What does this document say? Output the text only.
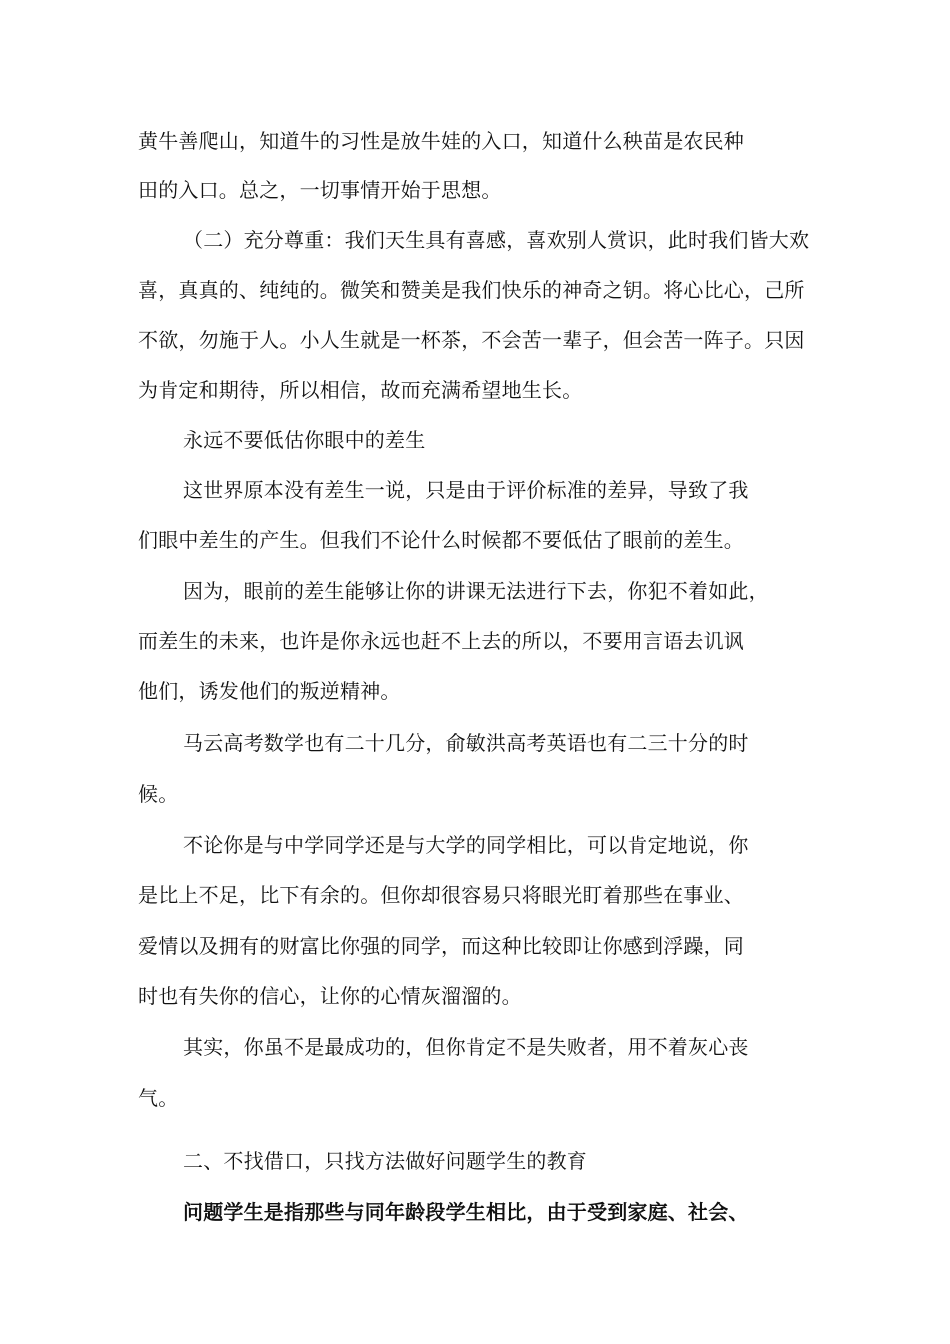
黄牛善爬山，知道牛的习性是放牛娃的入口，知道什么秧苗是农民种
田的入口。总之，一切事情开始于思想。
（二）充分尊重：我们天生具有喜感，喜欢别人赏识，此时我们皆大欢
喜，真真的、纯纯的。微笑和赞美是我们快乐的神奇之钥。将心比心，己所
不欲，勿施于人。小人生就是一杯茶，不会苦一辈子，但会苦一阵子。只因
为肯定和期待，所以相信，故而充满希望地生长。
永远不要低估你眼中的差生
这世界原本没有差生一说，只是由于评价标准的差异，导致了我
们眼中差生的产生。但我们不论什么时候都不要低估了眼前的差生。
因为，眼前的差生能够让你的讲课无法进行下去，你犯不着如此，
而差生的未来，也许是你永远也赶不上去的所以，不要用言语去讥讽
他们，诱发他们的叛逆精神。
马云高考数学也有二十几分，俞敏洪高考英语也有二三十分的时
候。
不论你是与中学同学还是与大学的同学相比，可以肯定地说，你
是比上不足，比下有余的。但你却很容易只将眼光盯着那些在事业、
爱情以及拥有的财富比你强的同学，而这种比较即让你感到浮躁，同
时也有失你的信心，让你的心情灰溜溜的。
其实，你虽不是最成功的，但你肯定不是失败者，用不着灰心丧
气。
二、不找借口，只找方法做好问题学生的教育
问题学生是指那些与同年龄段学生相比，由于受到家庭、社会、
